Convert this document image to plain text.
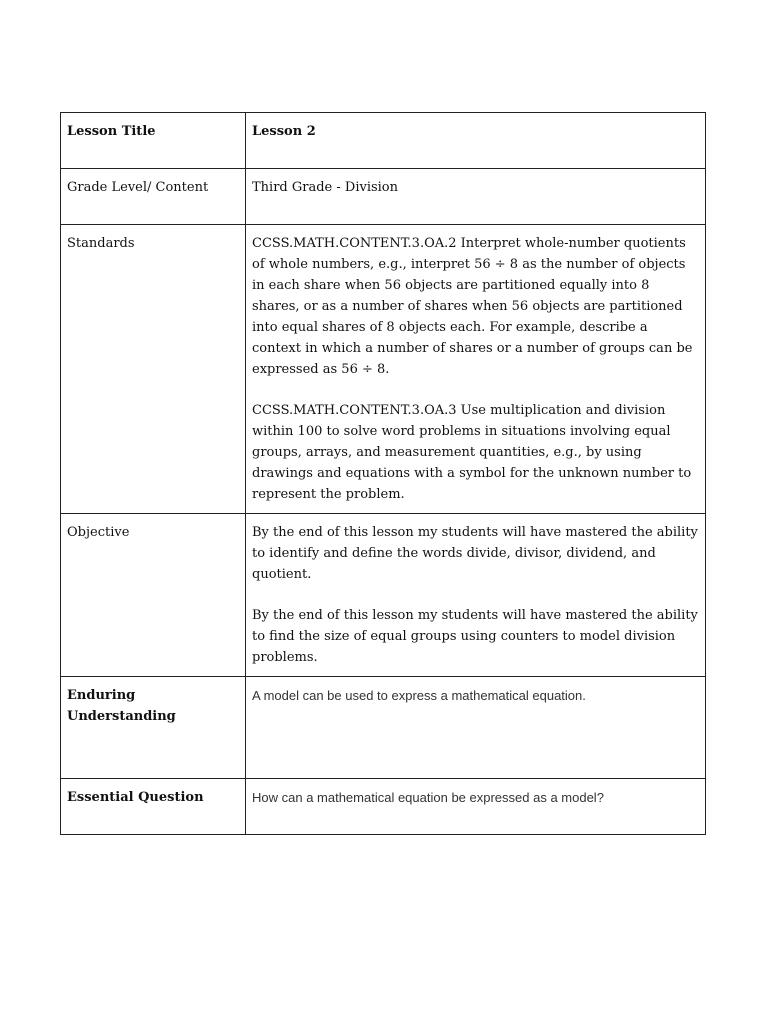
Lesson Title	Lesson 2
Grade Level/ Content	Third Grade - Division
Standards	CCSS.MATH.CONTENT.3.OA.2 Interpret whole-number quotients of whole numbers, e.g., interpret 56 ÷ 8 as the number of objects in each share when 56 objects are partitioned equally into 8 shares, or as a number of shares when 56 objects are partitioned into equal shares of 8 objects each. For example, describe a context in which a number of shares or a number of groups can be expressed as 56 ÷ 8.

CCSS.MATH.CONTENT.3.OA.3 Use multiplication and division within 100 to solve word problems in situations involving equal groups, arrays, and measurement quantities, e.g., by using drawings and equations with a symbol for the unknown number to represent the problem.

Objective	By the end of this lesson my students will have mastered the ability to identify and define the words divide, divisor, dividend, and quotient.

By the end of this lesson my students will have mastered the ability to find the size of equal groups using counters to model division problems.

Enduring Understanding	A model can be used to express a mathematical equation.
Essential Question	How can a mathematical equation be expressed as a model?
